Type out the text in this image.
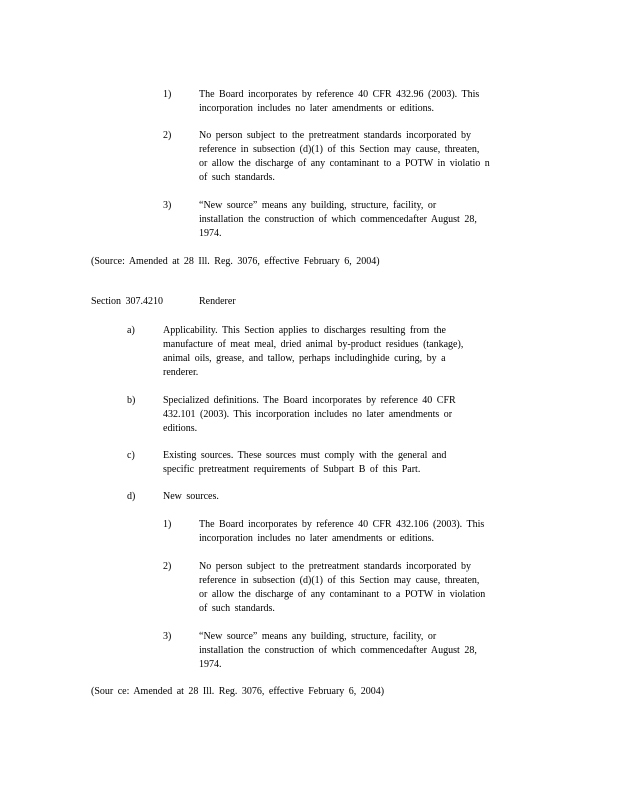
1)	The Board incorporates by reference 40 CFR 432.96 (2003). This
incorporation includes no later amendments or editions.
2)	No person subject to the pretreatment standards incorporated by
reference in subsection (d)(1) of this Section may cause, threaten,
or allow the discharge of any contaminant to a POTW in violatio n
of such standards.
3)	“New source” means any building, structure, facility, or
installation the construction of which commencedafter August 28,
1974.
(Source: Amended at 28 Ill. Reg. 3076, effective February 6, 2004)
Section 307.4210	Renderer
a)	Applicability. This Section applies to discharges resulting from the
manufacture of meat meal, dried animal by-product residues (tankage),
animal oils, grease, and tallow, perhaps includinghide curing, by a
renderer.
b)	Specialized definitions. The Board incorporates by reference 40 CFR
432.101 (2003). This incorporation includes no later amendments or
editions.
c)	Existing sources. These sources must comply with the general and
specific pretreatment requirements of Subpart B of this Part.
d)	New sources.
1)	The Board incorporates by reference 40 CFR 432.106 (2003). This
incorporation includes no later amendments or editions.
2)	No person subject to the pretreatment standards incorporated by
reference in subsection (d)(1) of this Section may cause, threaten,
or allow the discharge of any contaminant to a POTW in violation
of such standards.
3)	“New source” means any building, structure, facility, or
installation the construction of which commencedafter August 28,
1974.
(Sour ce: Amended at 28 Ill. Reg. 3076, effective February 6, 2004)
